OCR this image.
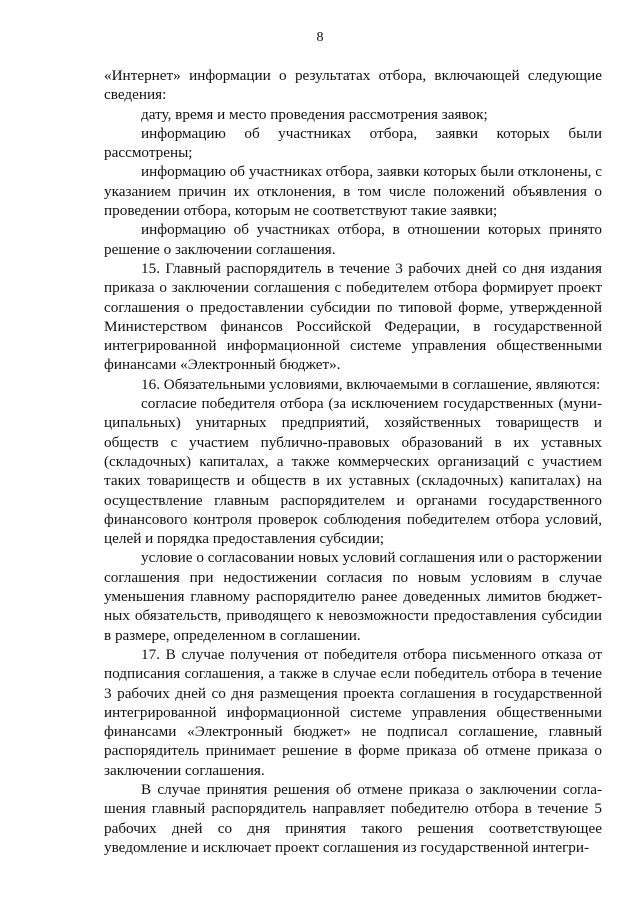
8

«Интернет» информации о результатах отбора, включающей следующие сведения:

дату, время и место проведения рассмотрения заявок;

информацию об участниках отбора, заявки которых были рассмотрены;

информацию об участниках отбора, заявки которых были отклонены, с указанием причин их отклонения, в том числе положений объявления о проведении отбора, которым не соответствуют такие заявки;

информацию об участниках отбора, в отношении которых принято решение о заключении соглашения.

15. Главный распорядитель в течение 3 рабочих дней со дня издания приказа о заключении соглашения с победителем отбора формирует проект соглашения о предоставлении субсидии по типовой форме, утвержденной Министерством финансов Российской Федерации, в государственной интегрированной информационной системе управления общественными финансами «Электронный бюджет».

16. Обязательными условиями, включаемыми в соглашение, являются:

согласие победителя отбора (за исключением государственных (муниципальных) унитарных предприятий, хозяйственных товариществ и обществ с участием публично-правовых образований в их уставных (складочных) капиталах, а также коммерческих организаций с участием таких товариществ и обществ в их уставных (складочных) капиталах) на осуществление главным распорядителем и органами государственного финансового контроля проверок соблюдения победителем отбора условий, целей и порядка предоставления субсидии;

условие о согласовании новых условий соглашения или о расторжении соглашения при недостижении согласия по новым условиям в случае уменьшения главному распорядителю ранее доведенных лимитов бюджетных обязательств, приводящего к невозможности предоставления субсидии в размере, определенном в соглашении.

17. В случае получения от победителя отбора письменного отказа от подписания соглашения, а также в случае если победитель отбора в течение 3 рабочих дней со дня размещения проекта соглашения в государственной интегрированной информационной системе управления общественными финансами «Электронный бюджет» не подписал соглашение, главный распорядитель принимает решение в форме приказа об отмене приказа о заключении соглашения.

В случае принятия решения об отмене приказа о заключении соглашения главный распорядитель направляет победителю отбора в течение 5 рабочих дней со дня принятия такого решения соответствующее уведомление и исключает проект соглашения из государственной интегри-
